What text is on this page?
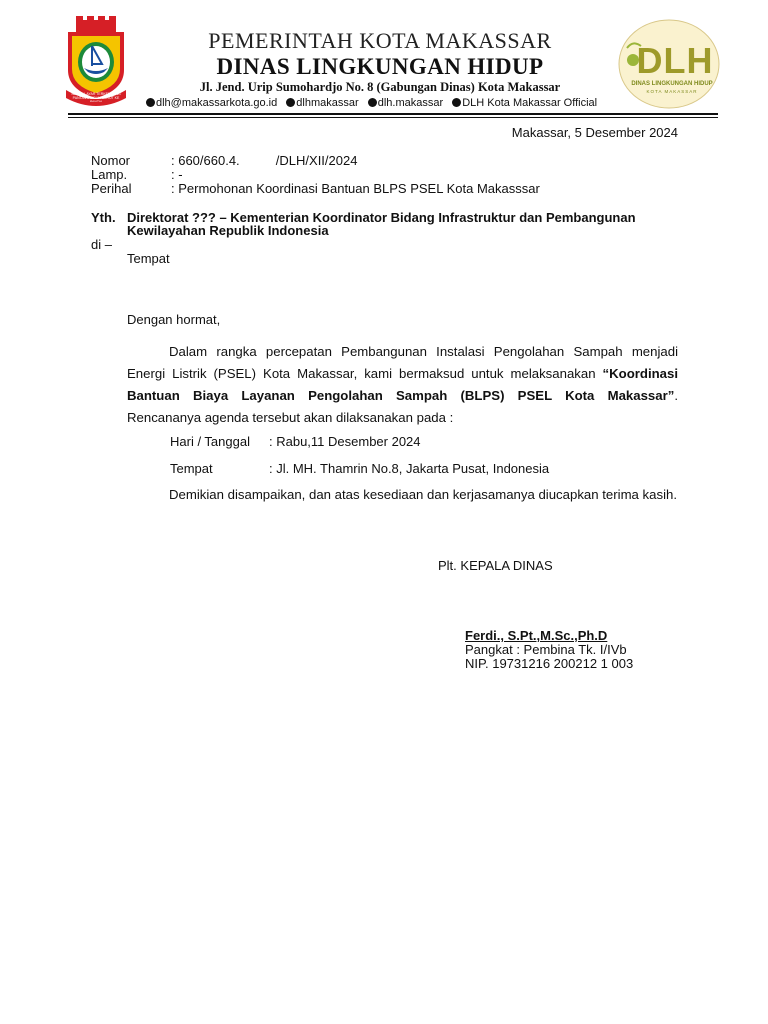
SEKALI LAYAR TERKEMBANG PANTANG BIDUK SURUT KE PANTAI
PEMERINTAH KOTA MAKASSAR
DINAS LINGKUNGAN HIDUP
Jl. Jend. Urip Sumohardjo No. 8 (Gabungan Dinas) Kota Makassar
dlh@makassarkota.go.id dlhmakassar dlh.makassar DLH Kota Makassar Official
DLH
DINAS LINGKUNGAN HIDUP
KOTA MAKASSAR
Makassar, 5 Desember 2024
Nomor	: 660/660.4.          /DLH/XII/2024
Lamp.	: -
Perihal	: Permohonan Koordinasi Bantuan BLPS PSEL Kota Makasssar
Yth. Direktorat ??? – Kementerian Koordinator Bidang Infrastruktur dan Pembangunan
Kewilayahan Republik Indonesia
di –
Tempat
Dengan hormat,
Dalam rangka percepatan Pembangunan Instalasi Pengolahan Sampah menjadi Energi Listrik (PSEL) Kota Makassar, kami bermaksud untuk melaksanakan “Koordinasi Bantuan Biaya Layanan Pengolahan Sampah (BLPS) PSEL Kota Makassar”. Rencananya agenda tersebut akan dilaksanakan pada :
Hari / Tanggal : Rabu,11 Desember 2024
Tempat	: Jl. MH. Thamrin No.8, Jakarta Pusat, Indonesia
Demikian disampaikan, dan atas kesediaan dan kerjasamanya diucapkan terima kasih.
Plt. KEPALA DINAS
Ferdi., S.Pt.,M.Sc.,Ph.D
Pangkat : Pembina Tk. I/IVb
NIP. 19731216 200212 1 003
